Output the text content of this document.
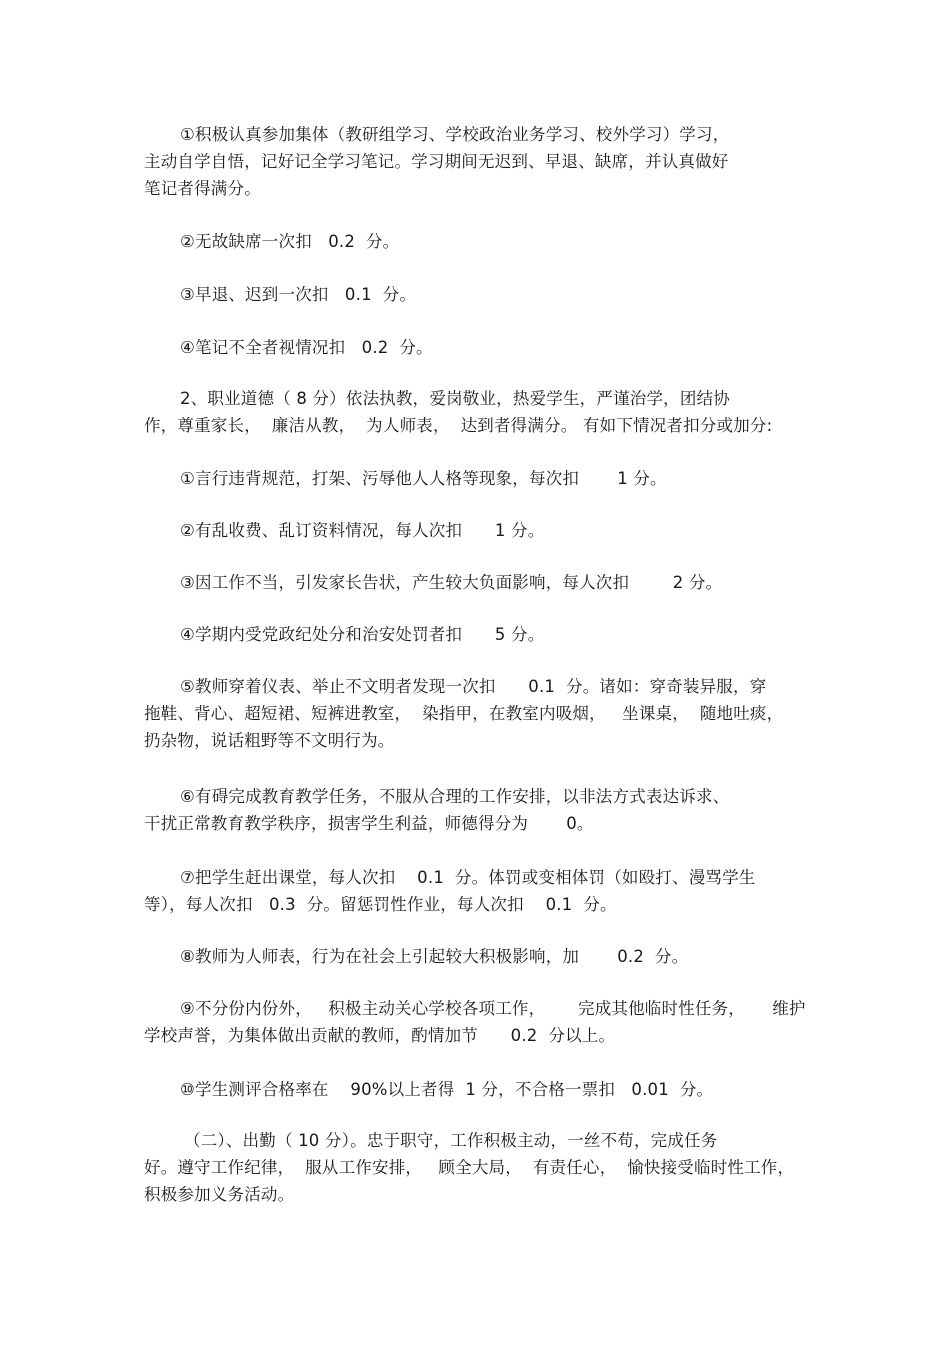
①积极认真参加集体（教研组学习、学校政治业务学习、校外学习）学习，
主动自学自悟，记好记全学习笔记。学习期间无迟到、早退、缺席，并认真做好
笔记者得满分。

②无故缺席一次扣   0.2  分。

③早退、迟到一次扣   0.1  分。

④笔记不全者视情况扣   0.2  分。

2、职业道德（ 8 分）依法执教，爱岗敬业，热爱学生，严谨治学，团结协
作，尊重家长，  廉洁从教，  为人师表，  达到者得满分。 有如下情况者扣分或加分:

①言行违背规范，打架、污辱他人人格等现象，每次扣       1 分。

②有乱收费、乱订资料情况，每人次扣      1 分。

③因工作不当，引发家长告状，产生较大负面影响，每人次扣        2 分。

④学期内受党政纪处分和治安处罚者扣      5 分。

⑤教师穿着仪表、举止不文明者发现一次扣      0.1  分。诸如：穿奇装异服，穿
拖鞋、背心、超短裙、短裤进教室，  染指甲，在教室内吸烟，   坐课桌，  随地吐痰，
扔杂物，说话粗野等不文明行为。

⑥有碍完成教育教学任务，不服从合理的工作安排，以非法方式表达诉求、
干扰正常教育教学秩序，损害学生利益，师德得分为       0。

⑦把学生赶出课堂，每人次扣    0.1  分。体罚或变相体罚（如殴打、漫骂学生
等），每人次扣   0.3  分。留惩罚性作业，每人次扣    0.1  分。

⑧教师为人师表，行为在社会上引起较大积极影响，加       0.2  分。

⑨不分份内份外，   积极主动关心学校各项工作，      完成其他临时性任务，     维护
学校声誉，为集体做出贡献的教师，酌情加节      0.2  分以上。

⑩学生测评合格率在    90%以上者得  1 分，不合格一票扣   0.01  分。

（二）、出勤（ 10 分）。忠于职守，工作积极主动，一丝不苟，完成任务
好。遵守工作纪律，  服从工作安排，   顾全大局，  有责任心，  愉快接受临时性工作，
积极参加义务活动。
